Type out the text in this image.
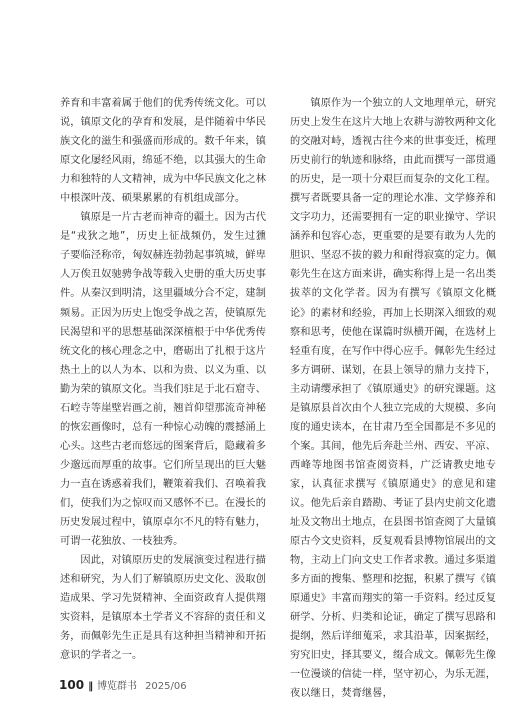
养育和丰富着属于他们的优秀传统文化。可以说，镇原文化的孕育和发展，是伴随着中华民族文化的滋生和强盛而形成的。数千年来，镇原文化屡经风雨，绵延不绝，以其强大的生命力和独特的人文精神，成为中华民族文化之林中根深叶茂、硕果累累的有机组成部分。

镇原是一片古老而神奇的疆土。因为古代是“戎狄之地”，历史上征战频仍，发生过獯子要临泾称帝，匈奴赫连勃勃起事筑城，鲜卑人万俟丑奴驰骋争战等载入史册的重大历史事件。从秦汉到明清，这里疆域分合不定，建制频易。正因为历史上饱受争战之苦，使镇原先民渴望和平的思想基础深深植根于中华优秀传统文化的核心理念之中，磨砺出了扎根于这片热土上的以人为本、以和为贵、以义为重、以勤为荣的镇原文化。当我们驻足于北石窟寺、石崆寺等崖壁岩画之前，翘首仰望那流奇神秘的恢宏画像时，总有一种惊心动魄的震撼涌上心头。这些古老而悠远的图案背后，隐藏着多少邈远而厚重的故事。它们所呈现出的巨大魅力一直在诱惑着我们，鞭策着我们、召唤着我们，使我们为之惊叹而又感怀不已。在漫长的历史发展过程中，镇原卓尔不凡的特有魅力，可谓一花独放、一枝独秀。

因此，对镇原历史的发展演变过程进行描述和研究，为人们了解镇原历史文化、汲取创造成果、学习先贤精神、全面资政育人提供翔实资料，是镇原本土学者义不容辞的责任和义务，而佩彰先生正是具有这种担当精神和开拓意识的学者之一。

镇原作为一个独立的人文地理单元，研究历史上发生在这片大地上农耕与游牧两种文化的交融对峙，透视古往今来的世事变迁，梳理历史前行的轨迹和脉络，由此而撰写一部贯通的历史，是一项十分艰巨而复杂的文化工程。撰写者既要具备一定的理论水准、文学修养和文字功力，还需要拥有一定的职业操守、学识涵养和包容心态，更重要的是要有敢为人先的胆识、坚忍不拔的毅力和耐得寂寞的定力。佩彰先生在这方面来讲，确实称得上是一名出类拔萃的文化学者。因为有撰写《镇原文化概论》的素材和经验，再加上长期深入细致的观察和思考，使他在谋篇时纵横开阖，在选材上轻重有度，在写作中得心应手。佩彰先生经过多方调研、谋划，在县上领导的鼎力支持下，主动请缨承担了《镇原通史》的研究课题。这是镇原县首次由个人独立完成的大规模、多向度的通史读本，在甘肃乃至全国都是不多见的个案。其间，他先后奔赴兰州、西安、平凉、西峰等地图书馆查阅资料，广泛请教史地专家，认真征求撰写《镇原通史》的意见和建议。他先后亲自踏勘、考证了县内史前文化遗址及文物出土地点，在县图书馆查阅了大量镇原古今文史资料，反复观看县博物馆展出的文物，主动上门向文史工作者求教。通过多渠道多方面的搜集、整理和挖掘，积累了撰写《镇原通史》丰富而翔实的第一手资料。经过反复研学、分析、归类和论证，确定了撰写思路和提纲，然后详细蒐采，求其沿革，因案据经，穷究旧史，择其要义，缀合成文。佩彰先生像一位漫谈的信徒一样，坚守初心，为乐无涯，夜以继日，焚膏继晷，

100 ‖ 博览群书 2025/06
